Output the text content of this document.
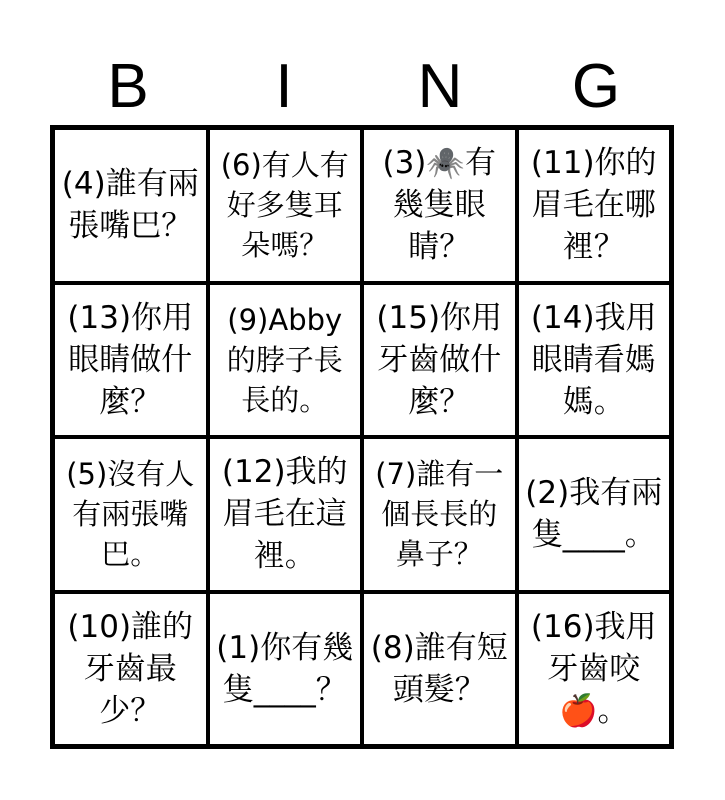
B	I	N	G
(4)誰有兩張嘴巴？
(6)有人有好多隻耳朵嗎？
(3)🕷️有幾隻眼睛？
(11)你的眉毛在哪裡？
(13)你用眼睛做什麼？
(9)Abby的脖子長長的。
(15)你用牙齒做什麼？
(14)我用眼睛看媽媽。
(5)沒有人有兩張嘴巴。
(12)我的眉毛在這裡。
(7)誰有一個長長的鼻子？
(2)我有兩隻____。
(10)誰的牙齒最少？
(1)你有幾隻____？
(8)誰有短頭髮？
(16)我用牙齒咬🍎。
